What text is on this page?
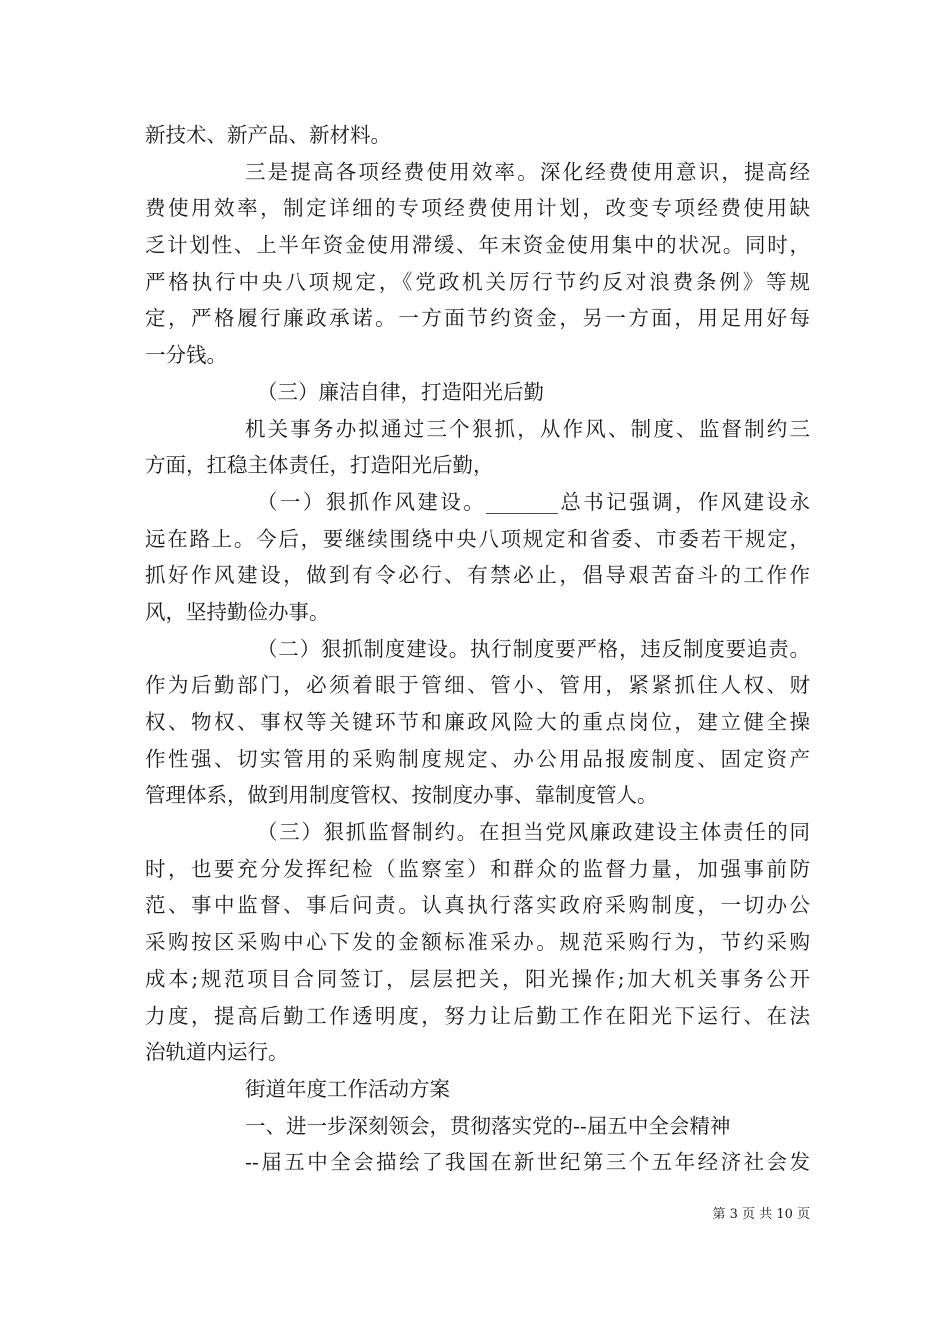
新技术、新产品、新材料。
三是提高各项经费使用效率。深化经费使用意识，提高经
费使用效率，制定详细的专项经费使用计划，改变专项经费使用缺
乏计划性、上半年资金使用滞缓、年末资金使用集中的状况。同时，
严格执行中央八项规定，《党政机关厉行节约反对浪费条例》等规
定，严格履行廉政承诺。一方面节约资金，另一方面，用足用好每
一分钱。
（三）廉洁自律，打造阳光后勤
机关事务办拟通过三个狠抓，从作风、制度、监督制约三
方面，扛稳主体责任，打造阳光后勤，
（一）狠抓作风建设。_______总书记强调，作风建设永
远在路上。今后，要继续围绕中央八项规定和省委、市委若干规定，
抓好作风建设，做到有令必行、有禁必止，倡导艰苦奋斗的工作作
风，坚持勤俭办事。
（二）狠抓制度建设。执行制度要严格，违反制度要追责。
作为后勤部门，必须着眼于管细、管小、管用，紧紧抓住人权、财
权、物权、事权等关键环节和廉政风险大的重点岗位，建立健全操
作性强、切实管用的采购制度规定、办公用品报废制度、固定资产
管理体系，做到用制度管权、按制度办事、靠制度管人。
（三）狠抓监督制约。在担当党风廉政建设主体责任的同
时，也要充分发挥纪检（监察室）和群众的监督力量，加强事前防
范、事中监督、事后问责。认真执行落实政府采购制度，一切办公
采购按区采购中心下发的金额标准采办。规范采购行为，节约采购
成本;规范项目合同签订，层层把关，阳光操作;加大机关事务公开
力度，提高后勤工作透明度，努力让后勤工作在阳光下运行、在法
治轨道内运行。
街道年度工作活动方案
一、进一步深刻领会，贯彻落实党的--届五中全会精神
--届五中全会描绘了我国在新世纪第三个五年经济社会发
第 3 页 共 10 页
